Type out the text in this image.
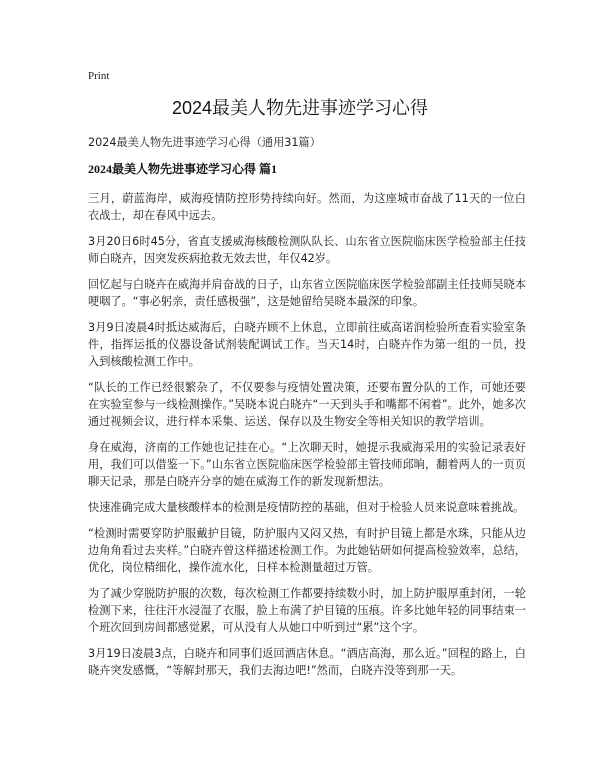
Print
2024最美人物先进事迹学习心得

2024最美人物先进事迹学习心得（通用31篇）

2024最美人物先进事迹学习心得 篇1

三月，蔚蓝海岸，威海疫情防控形势持续向好。然而，为这座城市奋战了11天的一位白衣战士，却在春风中远去。

3月20日6时45分，省直支援威海核酸检测队队长、山东省立医院临床医学检验部主任技师白晓卉，因突发疾病抢救无效去世，年仅42岁。

回忆起与白晓卉在威海并肩奋战的日子，山东省立医院临床医学检验部副主任技师吴晓本哽咽了。“事必躬亲，责任感极强”，这是她留给吴晓本最深的印象。

3月9日凌晨4时抵达威海后，白晓卉顾不上休息，立即前往威高诺润检验所查看实验室条件，指挥运抵的仪器设备试剂装配调试工作。当天14时，白晓卉作为第一组的一员，投入到核酸检测工作中。

“队长的工作已经很繁杂了，不仅要参与疫情处置决策，还要布置分队的工作，可她还要在实验室参与一线检测操作。”吴晓本说白晓卉“一天到头手和嘴都不闲着”。此外，她多次通过视频会议，进行样本采集、运送、保存以及生物安全等相关知识的教学培训。

身在威海，济南的工作她也记挂在心。“上次聊天时，她提示我威海采用的实验记录表好用，我们可以借鉴一下。”山东省立医院临床医学检验部主管技师邱晌，翻着两人的一页页聊天记录，那是白晓卉分享的她在威海工作的新发现新想法。

快速准确完成大量核酸样本的检测是疫情防控的基础，但对于检验人员来说意味着挑战。

“检测时需要穿防护服戴护目镜，防护服内又闷又热，有时护目镜上都是水珠，只能从边边角角看过去夹样。”白晓卉曾这样描述检测工作。为此她钻研如何提高检验效率，总结，优化，岗位精细化，操作流水化，日样本检测量超过万管。

为了减少穿脱防护服的次数，每次检测工作都要持续数小时，加上防护服厚重封闭，一轮检测下来，往往汗水浸湿了衣服，脸上布满了护目镜的压痕。许多比她年轻的同事结束一个班次回到房间都感觉累，可从没有人从她口中听到过“累”这个字。

3月19日凌晨3点，白晓卉和同事们返回酒店休息。“酒店高海，那么近。”回程的路上，白晓卉突发感慨，“等解封那天，我们去海边吧!”然而，白晓卉没等到那一天。
